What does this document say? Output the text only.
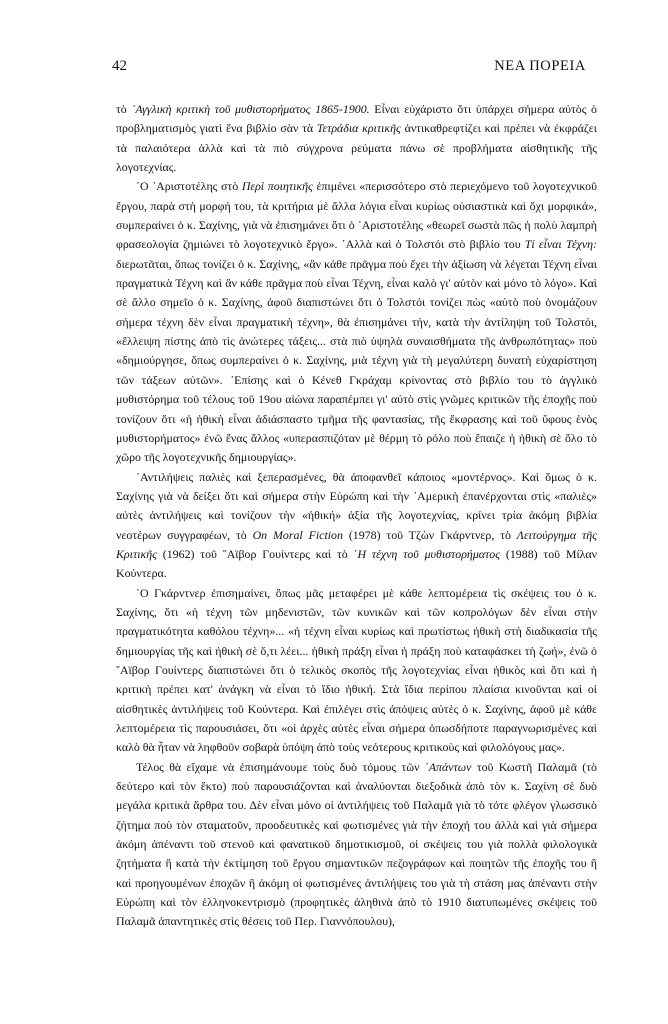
42	ΝΕΑ ΠΟΡΕΙΑ

τὸ ᾿Αγγλικὴ κριτικὴ τοῦ μυθιστορήματος 1865-1900. Εἶναι εὐχάριστο ὅτι ὑπάρχει σήμερα αὐτὸς ὁ προβληματισμὸς γιατὶ ἕνα βιβλίο σὰν τὰ Τετράδια κριτικῆς ἀντικαθρεφτίζει καὶ πρέπει νὰ ἐκφράζει τὰ παλαιότερα ἀλλὰ καὶ τὰ πιὸ σύγχρονα ρεύματα πάνω σὲ προβλήματα αἰσθητικῆς τῆς λογοτεχνίας.

῾Ο ᾿Αριστοτέλης στὸ Περὶ ποιητικῆς ἐπιμένει «περισσότερο στὸ περιεχόμενο τοῦ λογοτεχνικοῦ ἔργου, παρὰ στὴ μορφή του, τὰ κριτήρια μὲ ἄλλα λόγια εἶναι κυρίως οὐσιαστικὰ καὶ ὄχι μορφικά», συμπεραίνει ὁ κ. Σαχίνης, γιὰ νὰ ἐπισημάνει ὅτι ὁ ᾿Αριστοτέλης «θεωρεῖ σωστὰ πῶς ἡ πολὺ λαμπρὴ φρασεολογία ζημιώνει τὸ λογοτεχνικὸ ἔργο». ᾿Αλλὰ καὶ ὁ Τολστόι στὸ βιβλίο του Τί εἶναι Τέχνη: διερωτᾶται, ὅπως τονίζει ὁ κ. Σαχίνης, «ἂν κάθε πρᾶγμα ποὺ ἔχει τὴν ἀξίωση νὰ λέγεται Τέχνη εἶναι πραγματικὰ Τέχνη καὶ ἂν κάθε πρᾶγμα ποὺ εἶναι Τέχνη, εἶναι καλὸ γι' αὐτὸν καὶ μόνο τὸ λόγο». Καὶ σὲ ἄλλο σημεῖο ὁ κ. Σαχίνης, ἀφοῦ διαπιστώνει ὅτι ὁ Τολστόι τονίζει πὼς «αὐτὸ ποὺ ὀνομάζουν σήμερα τέχνη δὲν εἶναι πραγματικὴ τέχνη», θὰ ἐπισημάνει τήν, κατὰ τὴν ἀντίληψη τοῦ Τολστόι, «ἔλλειψη πίστης ἀπὸ τὶς ἀνώτερες τάξεις... στὰ πιὸ ὑψηλὰ συναισθήματα τῆς ἀνθρωπότητας» ποὺ «δημιούργησε, ὅπως συμπεραίνει ὁ κ. Σαχίνης, μιὰ τέχνη γιὰ τὴ μεγαλύτερη δυνατὴ εὐχαρίστηση τῶν τάξεων αὐτῶν». ᾿Επίσης καὶ ὁ Κένεθ Γκράχαμ κρίνοντας στὸ βιβλίο του τὸ ἀγγλικὸ μυθιστόρημα τοῦ τέλους τοῦ 19ου αἰώνα παραπέμπει γι' αὐτὸ στὶς γνῶμες κριτικῶν τῆς ἐποχῆς ποὺ τονίζουν ὅτι «ἡ ἠθικὴ εἶναι ἀδιάσπαστο τμῆμα τῆς φαντασίας, τῆς ἔκφρασης καὶ τοῦ ὕφους ἑνὸς μυθιστορήματος» ἐνῶ ἕνας ἄλλος «υπερασπιζόταν μὲ θέρμη τὸ ρόλο ποὺ ἔπαιζε ἡ ἠθικὴ σὲ ὅλο τὸ χῶρο τῆς λογοτεχνικῆς δημιουργίας».

᾿Αντιλήψεις παλιὲς καὶ ξεπερασμένες, θὰ ἀποφανθεῖ κάποιος «μοντέρνος». Καὶ ὅμως ὁ κ. Σαχίνης γιὰ νὰ δείξει ὅτι καὶ σήμερα στὴν Εὐρώπη καὶ τὴν ᾿Αμερικὴ ἐπανέρχονται στὶς «παλιὲς» αὐτὲς ἀντιλήψεις καὶ τονίζουν τὴν «ἠθική» ἀξία τῆς λογοτεχνίας, κρίνει τρία ἀκόμη βιβλία νεοτέρων συγγραφέων, τὸ On Moral Fiction (1978) τοῦ Τζὼν Γκάρντνερ, τὸ Λειτούργημα τῆς Κριτικῆς (1962) τοῦ ῎Αϊβορ Γουίντερς καὶ τὸ ῾Η τέχνη τοῦ μυθιστορήματος (1988) τοῦ Μίλαν Κούντερα.

῾Ο Γκάρντνερ ἐπισημαίνει, ὅπως μᾶς μεταφέρει μὲ κάθε λεπτομέρεια τὶς σκέψεις του ὁ κ. Σαχίνης, ὅτι «ἡ τέχνη τῶν μηδενιστῶν, τῶν κυνικῶν καὶ τῶν κοπρολόγων δὲν εἶναι στὴν πραγματικότητα καθόλου τέχνη»... «ἡ τέχνη εἶναι κυρίως καὶ πρωτίστως ἠθικὴ στὴ διαδικασία τῆς δημιουργίας τῆς καὶ ἠθικὴ σὲ ὅ,τι λέει... ἠθικὴ πράξη εἶναι ἡ πράξη ποὺ καταφάσκει τὴ ζωή», ἐνῶ ὁ ῎Αϊβορ Γουίντερς διαπιστώνει ὅτι ὁ τελικὸς σκοπὸς τῆς λογοτεχνίας εἶναι ἠθικὸς καὶ ὅτι καὶ ἡ κριτικὴ πρέπει κατ' ἀνάγκη νὰ εἶναι τὸ ἴδιο ἠθική. Στὰ ἴδια περίπου πλαίσια κινοῦνται καὶ οἱ αἰσθητικὲς ἀντιλήψεις τοῦ Κούντερα. Καὶ ἐπιλέγει στὶς ἀπόψεις αὐτὲς ὁ κ. Σαχίνης, ἀφοῦ μὲ κάθε λεπτομέρεια τὶς παρουσιάσει, ὅτι «οἱ ἀρχὲς αὐτὲς εἶναι σήμερα ὁπωσδήποτε παραγνωρισμένες καὶ καλὸ θὰ ἦταν νὰ ληφθοῦν σοβαρὰ ὑπόψη ἀπὸ τοὺς νεότερους κριτικοὺς καὶ φιλολόγους μας».

Τέλος θὰ εἴχαμε νὰ ἐπισημάνουμε τοὺς δυὸ τόμους τῶν ῾Απάντων τοῦ Κωστῆ Παλαμᾶ (τὸ δεύτερο καὶ τὸν ἕκτο) ποὺ παρουσιάζονται καὶ ἀναλύονται διεξοδικὰ ἀπὸ τὸν κ. Σαχίνη σὲ δυὸ μεγάλα κριτικὰ ἄρθρα του. Δὲν εἶναι μόνο οἱ ἀντιλήψεις τοῦ Παλαμᾶ γιὰ τὸ τότε φλέγον γλωσσικὸ ζήτημα ποὺ τὸν σταματοῦν, προοδευτικὲς καὶ φωτισμένες γιὰ τὴν ἐποχή του ἀλλὰ καὶ γιὰ σήμερα ἀκόμη ἀπέναντι τοῦ στενοῦ καὶ φανατικοῦ δημοτικισμοῦ, οἱ σκέψεις του γιὰ πολλὰ φιλολογικὰ ζητήματα ἢ κατὰ τὴν ἐκτίμηση τοῦ ἔργου σημαντικῶν πεζογράφων καὶ ποιητῶν τῆς ἐποχῆς του ἢ καὶ προηγουμένων ἐποχῶν ἢ ἀκόμη οἱ φωτισμένες ἀντιλήψεις του γιὰ τὴ στάση μας ἀπέναντι στὴν Εὐρώπη καὶ τὸν ἑλληνοκεντρισμὸ (προφητικὲς ἀληθινὰ ἀπὸ τὸ 1910 διατυπωμένες σκέψεις τοῦ Παλαμᾶ ἀπαντητικὲς στὶς θέσεις τοῦ Περ. Γιαννόπουλου),
